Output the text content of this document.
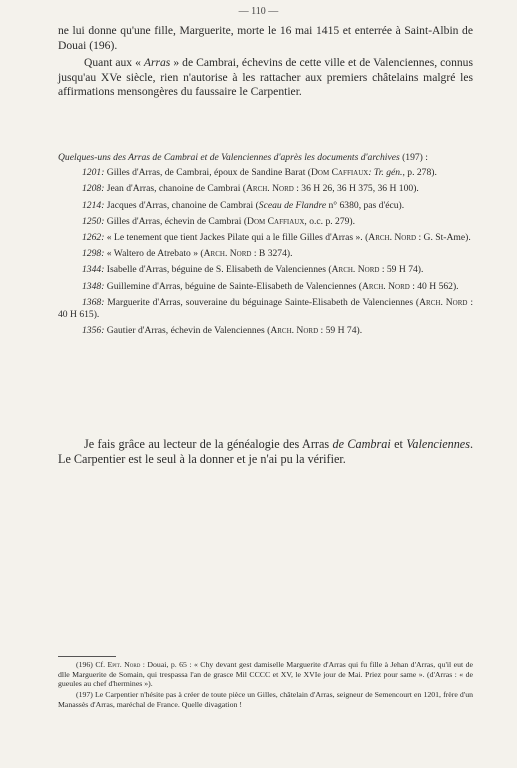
— 110 —
ne lui donne qu'une fille, Marguerite, morte le 16 mai 1415 et enterrée à Saint-Albin de Douai (196).
Quant aux « Arras » de Cambrai, échevins de cette ville et de Valenciennes, connus jusqu'au XVe siècle, rien n'autorise à les rattacher aux premiers châtelains malgré les affirmations mensongères du faussaire le Carpentier.
Quelques-uns des Arras de Cambrai et de Valenciennes d'après les documents d'archives (197) :
1201: Gilles d'Arras, de Cambrai, époux de Sandine Barat (Dom Caffiaux: Tr. gén., p. 278).
1208: Jean d'Arras, chanoine de Cambrai (Arch. Nord : 36 H 26, 36 H 375, 36 H 100).
1214: Jacques d'Arras, chanoine de Cambrai (Sceau de Flandre n° 6380, pas d'écu).
1250: Gilles d'Arras, échevin de Cambrai (Dom Caffiaux, o.c. p. 279).
1262: « Le tenement que tient Jackes Pilate qui a le fille Gilles d'Arras ». (Arch. Nord : G. St-Ame).
1298: « Waltero de Atrebato » (Arch. Nord : B 3274).
1344: Isabelle d'Arras, béguine de S. Elisabeth de Valenciennes (Arch. Nord : 59 H 74).
1348: Guillemine d'Arras, béguine de Sainte-Elisabeth de Valenciennes (Arch. Nord : 40 H 562).
1368: Marguerite d'Arras, souveraine du béguinage Sainte-Elisabeth de Valenciennes (Arch. Nord : 40 H 615).
1356: Gautier d'Arras, échevin de Valenciennes (Arch. Nord : 59 H 74).
Je fais grâce au lecteur de la généalogie des Arras de Cambrai et Valenciennes. Le Carpentier est le seul à la donner et je n'ai pu la vérifier.
(196) Cf. Epit. Nord : Douai, p. 65 : « Chy devant gest damiselle Marguerite d'Arras qui fu fille à Jehan d'Arras, qu'il eut de dlle Marguerite de Somain, qui trespassa l'an de grasce Mil CCCC et XV, le XVIe jour de Mai. Priez pour same ». (d'Arras : « de gueules au chef d'hermines »).
(197) Le Carpentier n'hésite pas à créer de toute pièce un Gilles, châtelain d'Arras, seigneur de Semencourt en 1201, frère d'un Manassès d'Arras, maréchal de France. Quelle divagation !
